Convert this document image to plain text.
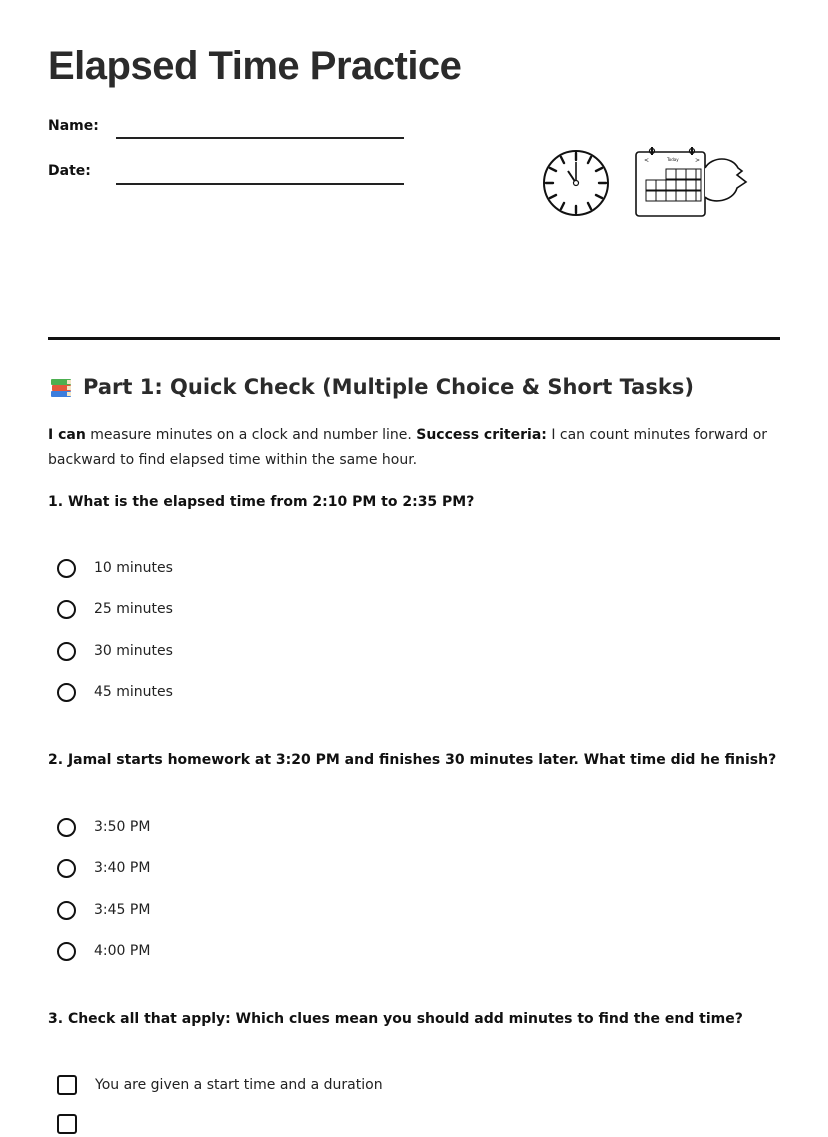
Elapsed Time Practice
Name:
Date:
<	>
Today
Part 1: Quick Check (Multiple Choice & Short Tasks)
I can measure minutes on a clock and number line. Success criteria: I can count minutes forward or backward to find elapsed time within the same hour.
1. What is the elapsed time from 2:10 PM to 2:35 PM?
10 minutes
25 minutes
30 minutes
45 minutes
2. Jamal starts homework at 3:20 PM and finishes 30 minutes later. What time did he finish?
3:50 PM
3:40 PM
3:45 PM
4:00 PM
3. Check all that apply: Which clues mean you should add minutes to find the end time?
You are given a start time and a duration
